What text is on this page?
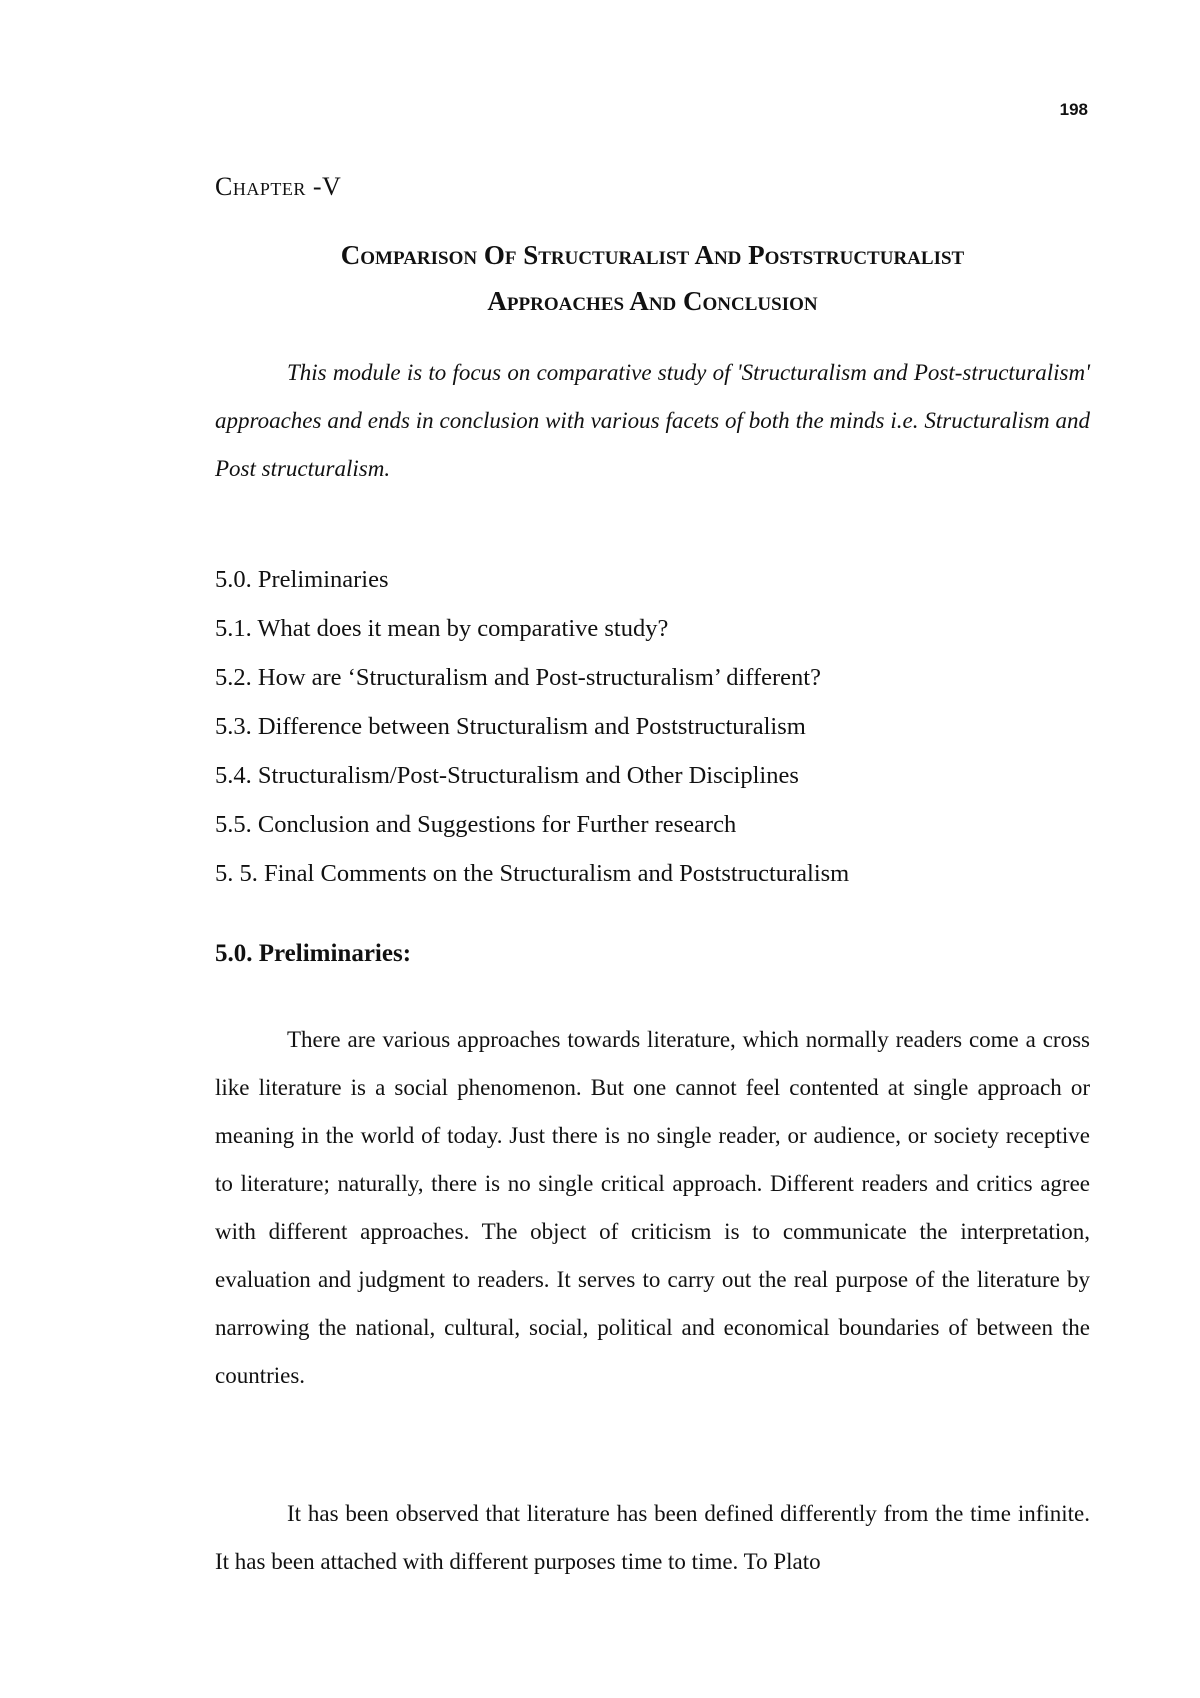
198
Chapter -V
Comparison Of Structuralist And Poststructuralist
Approaches And Conclusion

This module is to focus on comparative study of 'Structuralism and Post-structuralism' approaches and ends in conclusion with various facets of both the minds i.e. Structuralism and Post structuralism.

5.0. Preliminaries
5.1. What does it mean by comparative study?
5.2. How are ‘Structuralism and Post-structuralism’ different?
5.3. Difference between Structuralism and Poststructuralism
5.4. Structuralism/Post-Structuralism and Other Disciplines
5.5. Conclusion and Suggestions for Further research
5. 5. Final Comments on the Structuralism and Poststructuralism
5.0. Preliminaries:

There are various approaches towards literature, which normally readers come a cross like literature is a social phenomenon. But one cannot feel contented at single approach or meaning in the world of today. Just there is no single reader, or audience, or society receptive to literature; naturally, there is no single critical approach. Different readers and critics agree with different approaches. The object of criticism is to communicate the interpretation, evaluation and judgment to readers. It serves to carry out the real purpose of the literature by narrowing the national, cultural, social, political and economical boundaries of between the countries.

It has been observed that literature has been defined differently from the time infinite. It has been attached with different purposes time to time. To Plato
